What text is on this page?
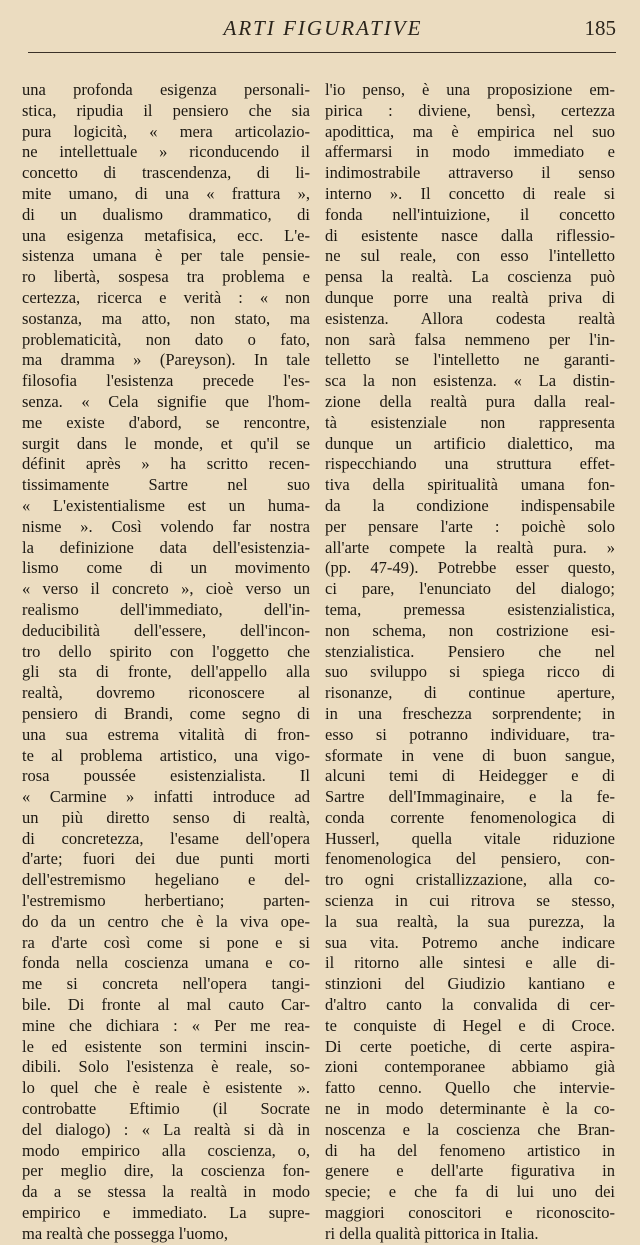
ARTI FIGURATIVE	185
una profonda esigenza personali-
stica, ripudia il pensiero che sia
pura logicità, « mera articolazio-
ne intellettuale » riconducendo il
concetto di trascendenza, di li-
mite umano, di una « frattura »,
di un dualismo drammatico, di
una esigenza metafisica, ecc. L'e-
sistenza umana è per tale pensie-
ro libertà, sospesa tra problema e
certezza, ricerca e verità : « non
sostanza, ma atto, non stato, ma
problematicità, non dato o fato,
ma dramma » (Pareyson). In tale
filosofia l'esistenza precede l'es-
senza. « Cela signifie que l'hom-
me existe d'abord, se rencontre,
surgit dans le monde, et qu'il se
définit après » ha scritto recen-
tissimamente Sartre nel suo
« L'existentialisme est un huma-
nisme ». Così volendo far nostra
la definizione data dell'esistenzia-
lismo come di un movimento
« verso il concreto », cioè verso un
realismo dell'immediato, dell'in-
deducibilità dell'essere, dell'incon-
tro dello spirito con l'oggetto che
gli sta di fronte, dell'appello alla
realtà, dovremo riconoscere al
pensiero di Brandi, come segno di
una sua estrema vitalità di fron-
te al problema artistico, una vigo-
rosa poussée esistenzialista. Il
« Carmine » infatti introduce ad
un più diretto senso di realtà,
di concretezza, l'esame dell'opera
d'arte; fuori dei due punti morti
dell'estremismo hegeliano e del-
l'estremismo herbertiano; parten-
do da un centro che è la viva ope-
ra d'arte così come si pone e si
fonda nella coscienza umana e co-
me si concreta nell'opera tangi-
bile. Di fronte al mal cauto Car-
mine che dichiara : « Per me rea-
le ed esistente son termini inscin-
dibili. Solo l'esistenza è reale, so-
lo quel che è reale è esistente ».
controbatte Eftimio (il Socrate
del dialogo) : « La realtà si dà in
modo empirico alla coscienza, o,
per meglio dire, la coscienza fon-
da a se stessa la realtà in modo
empirico e immediato. La supre-
ma realtà che possegga l'uomo,
l'io penso, è una proposizione em-
pirica : diviene, bensì, certezza
apodittica, ma è empirica nel suo
affermarsi in modo immediato e
indimostrabile attraverso il senso
interno ». Il concetto di reale si
fonda nell'intuizione, il concetto
di esistente nasce dalla riflessio-
ne sul reale, con esso l'intelletto
pensa la realtà. La coscienza può
dunque porre una realtà priva di
esistenza. Allora codesta realtà
non sarà falsa nemmeno per l'in-
telletto se l'intelletto ne garanti-
sca la non esistenza. « La distin-
zione della realtà pura dalla real-
tà esistenziale non rappresenta
dunque un artificio dialettico, ma
rispecchiando una struttura effet-
tiva della spiritualità umana fon-
da la condizione indispensabile
per pensare l'arte : poichè solo
all'arte compete la realtà pura. »
(pp. 47-49). Potrebbe esser questo,
ci pare, l'enunciato del dialogo;
tema, premessa esistenzialistica,
non schema, non costrizione esi-
stenzialistica. Pensiero che nel
suo sviluppo si spiega ricco di
risonanze, di continue aperture,
in una freschezza sorprendente; in
esso si potranno individuare, tra-
sformate in vene di buon sangue,
alcuni temi di Heidegger e di
Sartre dell'Immaginaire, e la fe-
conda corrente fenomenologica di
Husserl, quella vitale riduzione
fenomenologica del pensiero, con-
tro ogni cristallizzazione, alla co-
scienza in cui ritrova se stesso,
la sua realtà, la sua purezza, la
sua vita. Potremo anche indicare
il ritorno alle sintesi e alle di-
stinzioni del Giudizio kantiano e
d'altro canto la convalida di cer-
te conquiste di Hegel e di Croce.
Di certe poetiche, di certe aspira-
zioni contemporanee abbiamo già
fatto cenno. Quello che intervie-
ne in modo determinante è la co-
noscenza e la coscienza che Bran-
di ha del fenomeno artistico in
genere e dell'arte figurativa in
specie; e che fa di lui uno dei
maggiori conoscitori e riconoscito-
ri della qualità pittorica in Italia.
